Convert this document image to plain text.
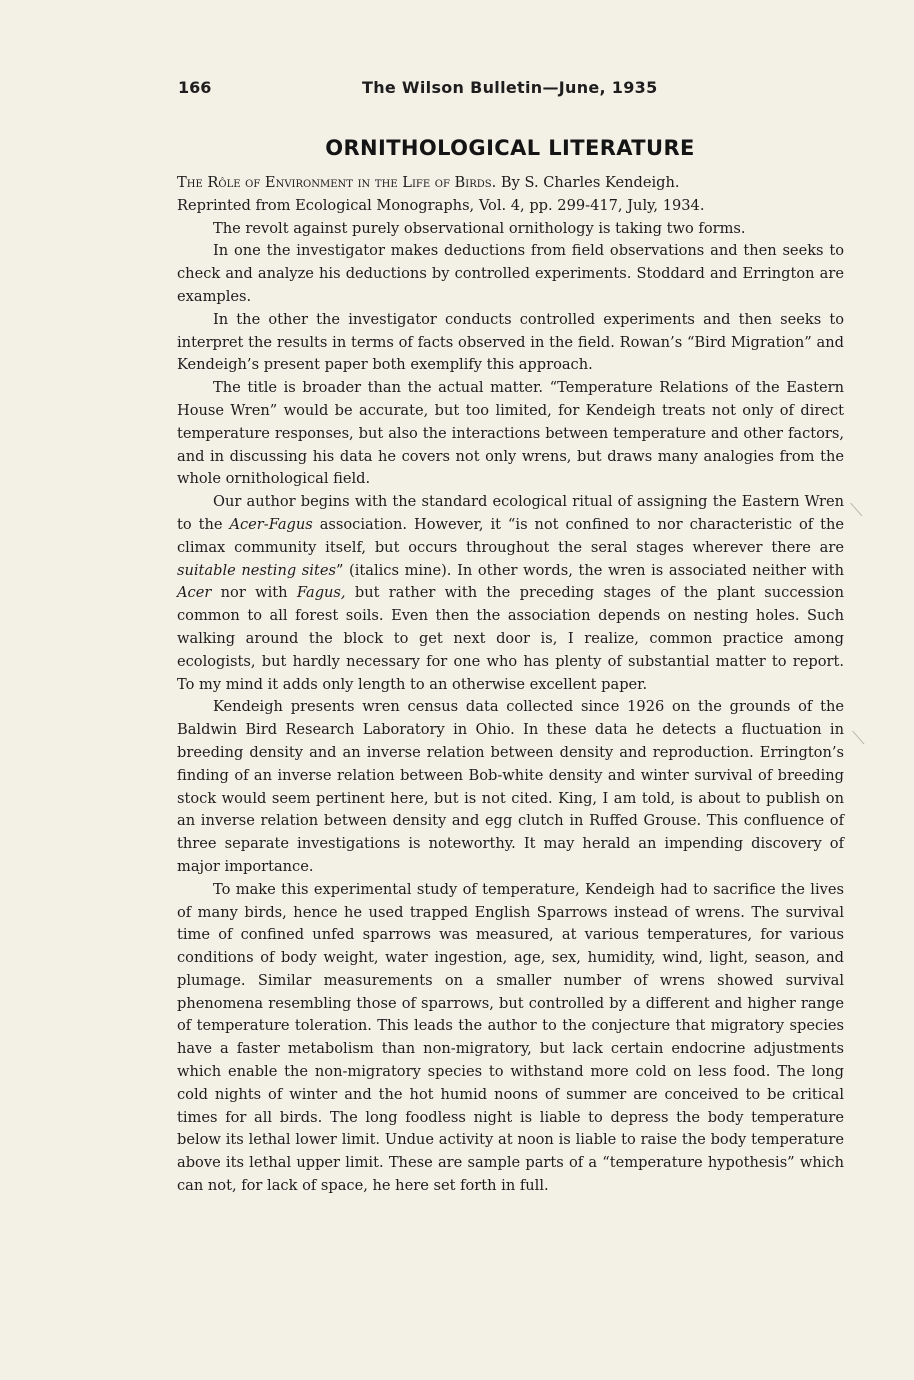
166	The Wilson Bulletin—June, 1935
ORNITHOLOGICAL LITERATURE

The Rôle of Environment in the Life of Birds. By S. Charles Kendeigh.
Reprinted from Ecological Monographs, Vol. 4, pp. 299-417, July, 1934.

The revolt against purely observational ornithology is taking two forms.

In one the investigator makes deductions from field observations and then seeks to check and analyze his deductions by controlled experiments. Stoddard and Errington are examples.

In the other the investigator conducts controlled experiments and then seeks to interpret the results in terms of facts observed in the field. Rowan’s “Bird Migration” and Kendeigh’s present paper both exemplify this approach.

The title is broader than the actual matter. “Temperature Relations of the Eastern House Wren” would be accurate, but too limited, for Kendeigh treats not only of direct temperature responses, but also the interactions between temperature and other factors, and in discussing his data he covers not only wrens, but draws many analogies from the whole ornithological field.

Our author begins with the standard ecological ritual of assigning the Eastern Wren to the Acer-Fagus association. However, it “is not confined to nor characteristic of the climax community itself, but occurs throughout the seral stages wherever there are suitable nesting sites” (italics mine). In other words, the wren is associated neither with Acer nor with Fagus, but rather with the preceding stages of the plant succession common to all forest soils. Even then the association depends on nesting holes. Such walking around the block to get next door is, I realize, common practice among ecologists, but hardly necessary for one who has plenty of substantial matter to report. To my mind it adds only length to an otherwise excellent paper.

Kendeigh presents wren census data collected since 1926 on the grounds of the Baldwin Bird Research Laboratory in Ohio. In these data he detects a fluctuation in breeding density and an inverse relation between density and reproduction. Errington’s finding of an inverse relation between Bob-white density and winter survival of breeding stock would seem pertinent here, but is not cited. King, I am told, is about to publish on an inverse relation between density and egg clutch in Ruffed Grouse. This confluence of three separate investigations is noteworthy. It may herald an impending discovery of major importance.

To make this experimental study of temperature, Kendeigh had to sacrifice the lives of many birds, hence he used trapped English Sparrows instead of wrens. The survival time of confined unfed sparrows was measured, at various temperatures, for various conditions of body weight, water ingestion, age, sex, humidity, wind, light, season, and plumage. Similar measurements on a smaller number of wrens showed survival phenomena resembling those of sparrows, but controlled by a different and higher range of temperature toleration. This leads the author to the conjecture that migratory species have a faster metabolism than non-migratory, but lack certain endocrine adjustments which enable the non-migratory species to withstand more cold on less food. The long cold nights of winter and the hot humid noons of summer are conceived to be critical times for all birds. The long foodless night is liable to depress the body temperature below its lethal lower limit. Undue activity at noon is liable to raise the body temperature above its lethal upper limit. These are sample parts of a “temperature hypothesis” which can not, for lack of space, he here set forth in full.

⟍
⟍
